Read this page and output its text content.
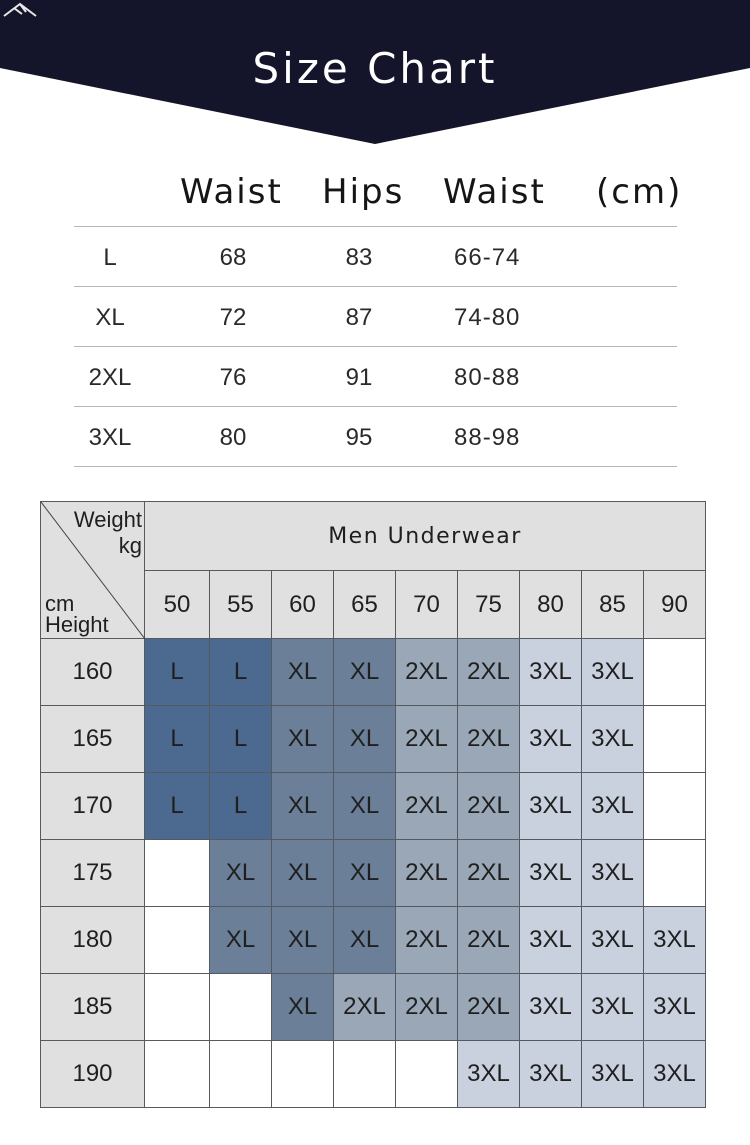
Size Chart
Waist Hips Waist (cm)
L	68	83	66-74
XL	72	87	74-80
2XL	76	91	80-88
3XL	80	95	88-98
Weight
kg
cm
Height	Men Underwear								
	50	55	60	65	70	75	80	85	90
160	L	L	XL	XL	2XL	2XL	3XL	3XL	
165	L	L	XL	XL	2XL	2XL	3XL	3XL	
170	L	L	XL	XL	2XL	2XL	3XL	3XL	
175		XL	XL	XL	2XL	2XL	3XL	3XL	
180		XL	XL	XL	2XL	2XL	3XL	3XL	3XL
185			XL	2XL	2XL	2XL	3XL	3XL	3XL
190						3XL	3XL	3XL	3XL
